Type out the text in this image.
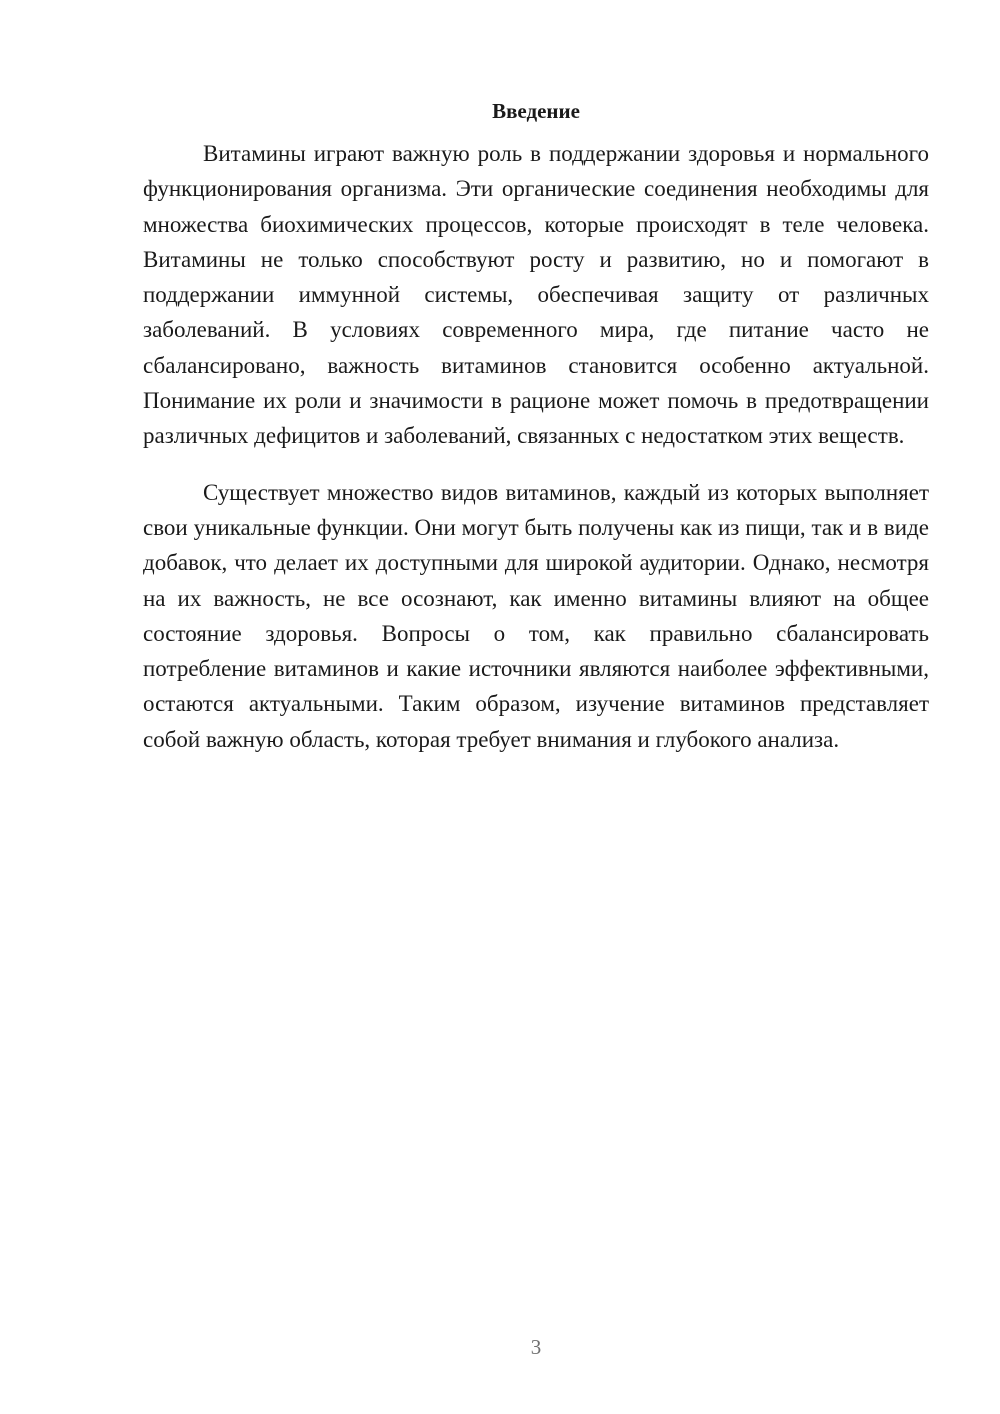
Введение

Витамины играют важную роль в поддержании здоровья и нормального функционирования организма. Эти органические соединения необходимы для множества биохимических процессов, которые происходят в теле человека. Витамины не только способствуют росту и развитию, но и помогают в поддержании иммунной системы, обеспечивая защиту от различных заболеваний. В условиях современного мира, где питание часто не сбалансировано, важность витаминов становится особенно актуальной. Понимание их роли и значимости в рационе может помочь в предотвращении различных дефицитов и заболеваний, связанных с недостатком этих веществ.

Существует множество видов витаминов, каждый из которых выполняет свои уникальные функции. Они могут быть получены как из пищи, так и в виде добавок, что делает их доступными для широкой аудитории. Однако, несмотря на их важность, не все осознают, как именно витамины влияют на общее состояние здоровья. Вопросы о том, как правильно сбалансировать потребление витаминов и какие источники являются наиболее эффективными, остаются актуальными. Таким образом, изучение витаминов представляет собой важную область, которая требует внимания и глубокого анализа.

3
